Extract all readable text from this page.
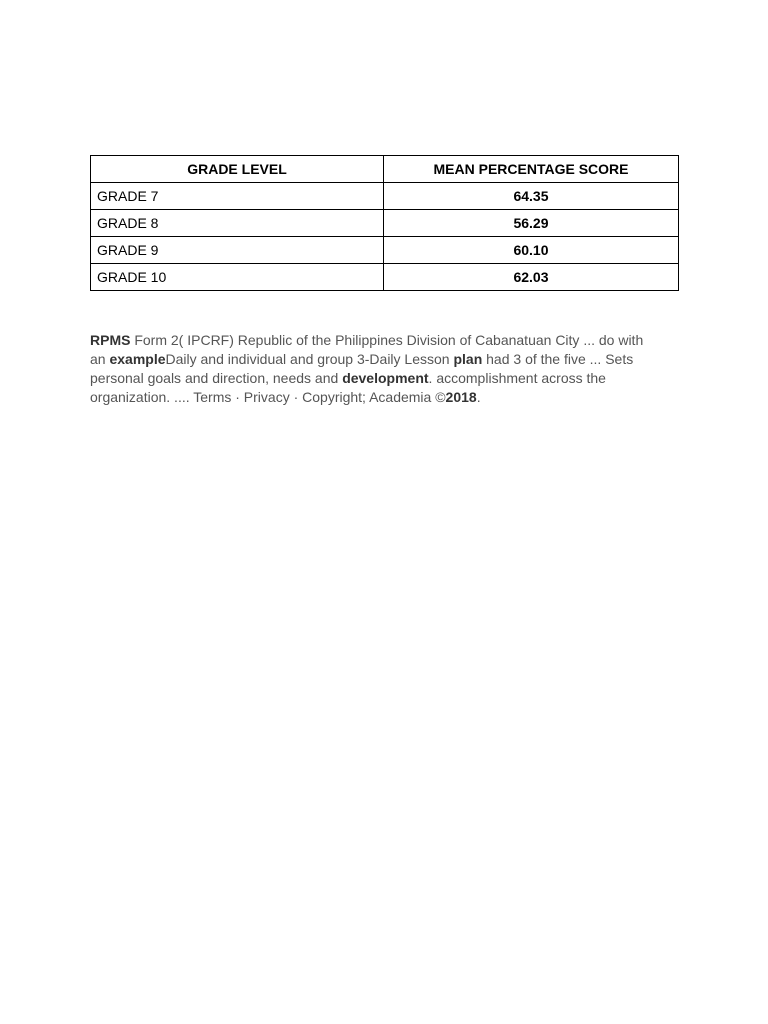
GRADE LEVEL	MEAN PERCENTAGE SCORE
GRADE 7	64.35
GRADE 8	56.29
GRADE 9	60.10
GRADE 10	62.03

RPMS Form 2( IPCRF) Republic of the Philippines Division of Cabanatuan City ... do with an exampleDaily and individual and group 3-Daily Lesson plan had 3 of the five ... Sets personal goals and direction, needs and development. accomplishment across the organization. .... Terms · Privacy · Copyright; Academia ©2018.
